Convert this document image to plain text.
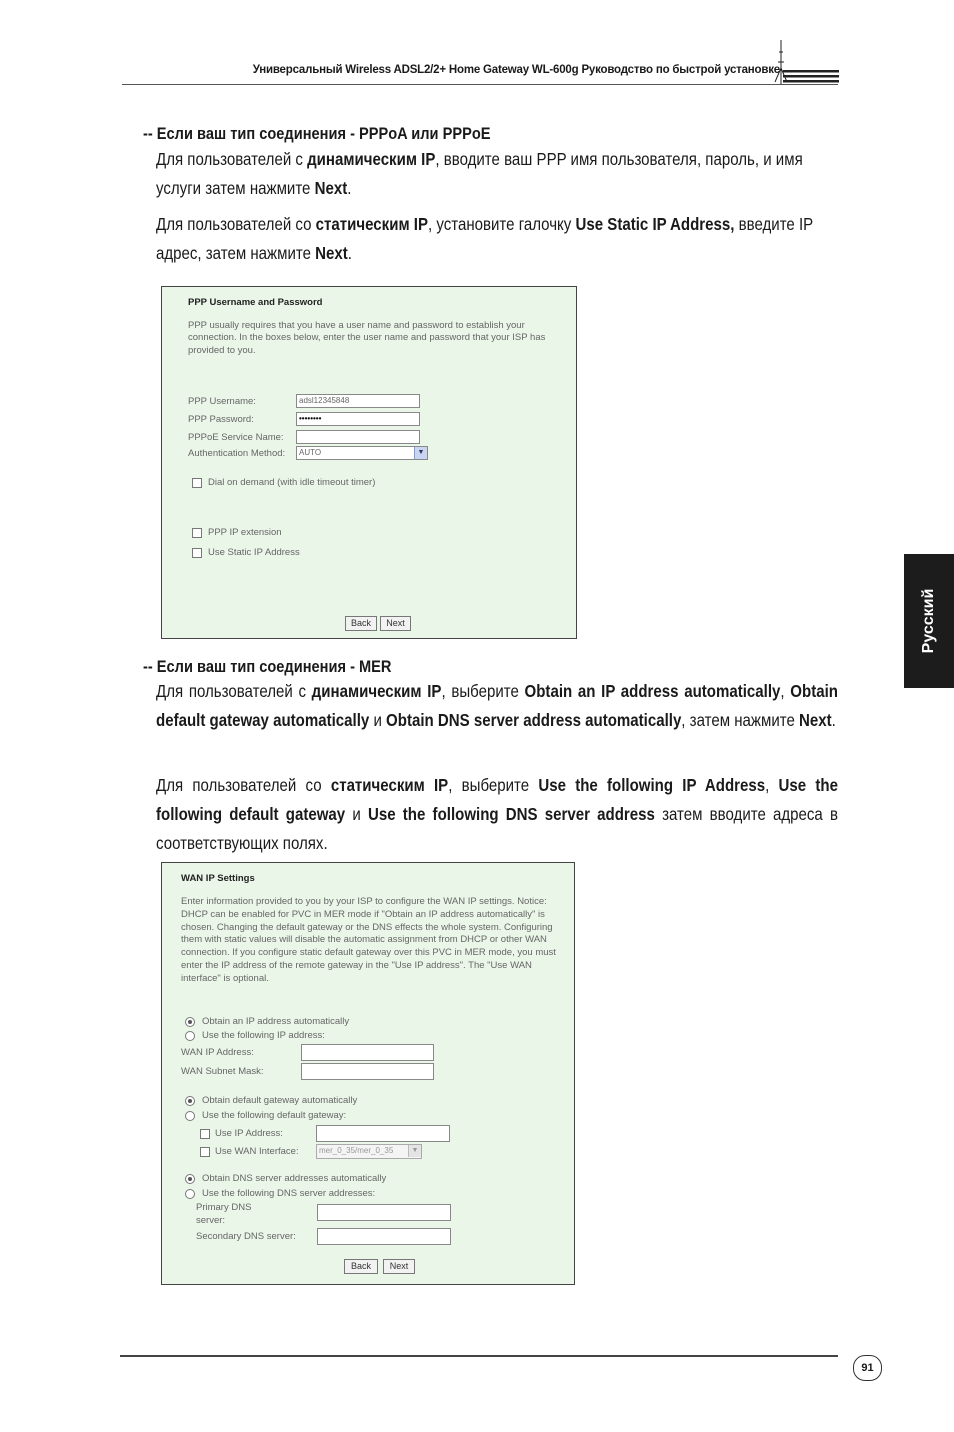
Универсальный Wireless ADSL2/2+ Home Gateway WL-600g Руководство по быстрой установке
-- Если ваш тип соединения - PPPoA или PPPoE
Для пользователей с динамическим IP, вводите ваш PPP имя пользователя, пароль, и имя услуги затем нажмите Next.
Для пользователей со статическим IP, установите галочку Use Static IP Address, введите IP адрес, затем нажмите Next.
PPP Username and Password
PPP usually requires that you have a user name and password to establish your connection. In the boxes below, enter the user name and password that your ISP has provided to you.
PPP Username:	adsl12345848
PPP Password:	••••••••
PPPoE Service Name:
Authentication Method:	AUTO	▼
Dial on demand (with idle timeout timer)
PPP IP extension
Use Static IP Address
Back	Next
-- Если ваш тип соединения - MER
Для пользователей с динамическим IP, выберите Obtain an IP address automatically, Obtain default gateway automatically и Obtain DNS server address automatically, затем нажмите Next.
Для пользователей со статическим IP, выберите Use the following IP Address, Use the following default gateway и Use the following DNS server address затем вводите адреса в соответствующих полях.
WAN IP Settings
Enter information provided to you by your ISP to configure the WAN IP settings. Notice: DHCP can be enabled for PVC in MER mode if "Obtain an IP address automatically" is chosen. Changing the default gateway or the DNS effects the whole system. Configuring them with static values will disable the automatic assignment from DHCP or other WAN connection. If you configure static default gateway over this PVC in MER mode, you must enter the IP address of the remote gateway in the "Use IP address". The "Use WAN interface" is optional.
Obtain an IP address automatically
Use the following IP address:
WAN IP Address:
WAN Subnet Mask:
Obtain default gateway automatically
Use the following default gateway:
Use IP Address:
Use WAN Interface:	mer_0_35/mer_0_35	▼
Obtain DNS server addresses automatically
Use the following DNS server addresses:
Primary DNS
server:
Secondary DNS server:
Back	Next
Русский
91
